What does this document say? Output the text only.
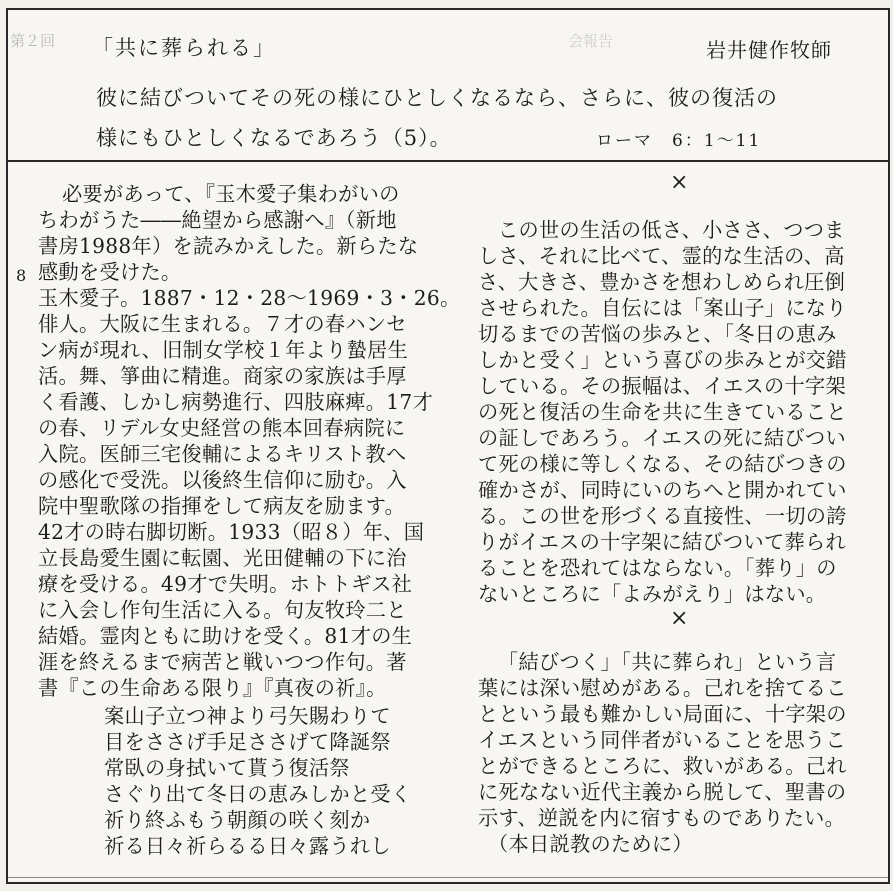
第２回	会報告
「共に葬られる」	岩井健作牧師
彼に結びついてその死の様にひとしくなるなら、さらに、彼の復活の
様にもひとしくなるであろう（5）。	ローマ　6：1〜11
8
必要があって、『玉木愛子集わがいの
ちわがうた――絶望から感謝へ』（新地
書房1988年）を読みかえした。新らたな
感動を受けた。
玉木愛子。1887・12・28〜1969・3・26。
俳人。大阪に生まれる。７才の春ハンセ
ン病が現れ、旧制女学校１年より蟄居生
活。舞、箏曲に精進。商家の家族は手厚
く看護、しかし病勢進行、四肢麻痺。17才
の春、リデル女史経営の熊本回春病院に
入院。医師三宅俊輔によるキリスト教へ
の感化で受洗。以後終生信仰に励む。入
院中聖歌隊の指揮をして病友を励ます。
42才の時右脚切断。1933（昭８）年、国
立長島愛生園に転園、光田健輔の下に治
療を受ける。49才で失明。ホトトギス社
に入会し作句生活に入る。句友牧玲二と
結婚。霊肉ともに助けを受く。81才の生
涯を終えるまで病苦と戦いつつ作句。著
書『この生命ある限り』『真夜の祈』。
案山子立つ神より弓矢賜わりて
目をささげ手足ささげて降誕祭
常臥の身拭いて貰う復活祭
さぐり出て冬日の恵みしかと受く
祈り終ふもう朝顔の咲く刻か
祈る日々祈らるる日々露うれし
×
この世の生活の低さ、小ささ、つつま
しさ、それに比べて、霊的な生活の、高
さ、大きさ、豊かさを想わしめられ圧倒
させられた。自伝には「案山子」になり
切るまでの苦悩の歩みと、「冬日の恵み
しかと受く」という喜びの歩みとが交錯
している。その振幅は、イエスの十字架
の死と復活の生命を共に生きていること
の証しであろう。イエスの死に結びつい
て死の様に等しくなる、その結びつきの
確かさが、同時にいのちへと開かれてい
る。この世を形づくる直接性、一切の誇
りがイエスの十字架に結びついて葬られ
ることを恐れてはならない。「葬り」の
ないところに「よみがえり」はない。
×
「結びつく」「共に葬られ」という言
葉には深い慰めがある。己れを捨てるこ
とという最も難かしい局面に、十字架の
イエスという同伴者がいることを思うこ
とができるところに、救いがある。己れ
に死なない近代主義から脱して、聖書の
示す、逆説を内に宿すものでありたい。
（本日説教のために）
